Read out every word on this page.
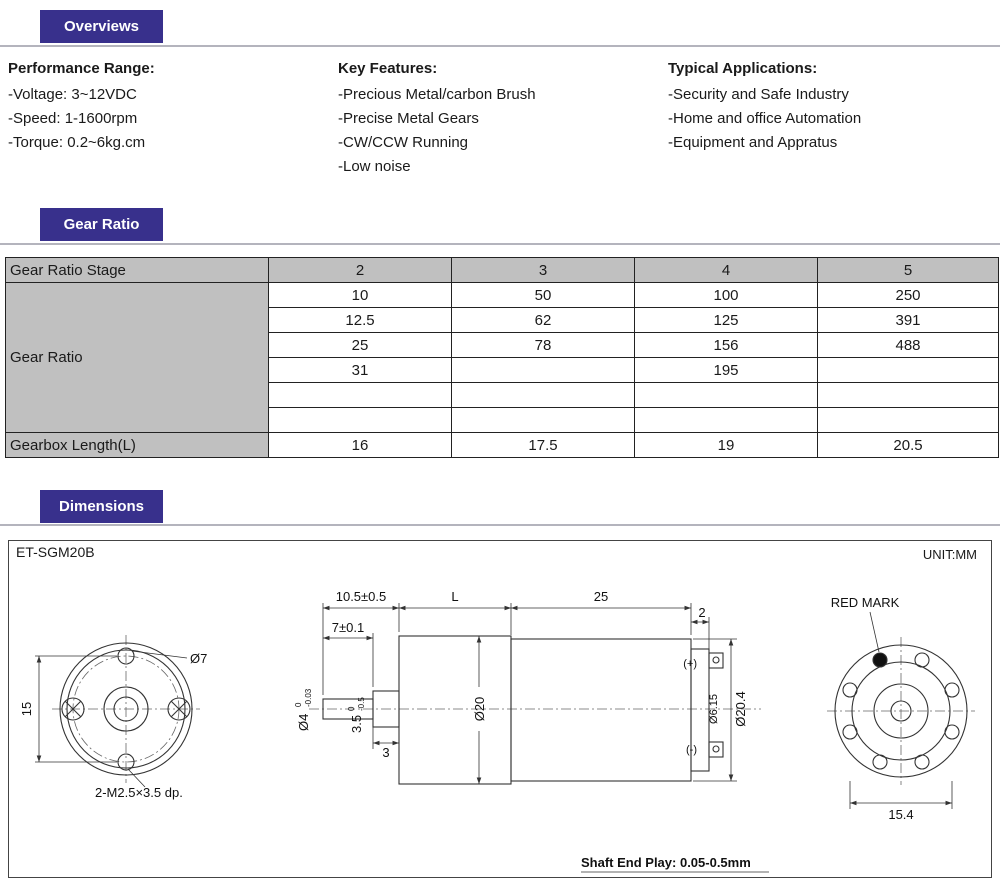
Overviews
Performance Range:
-Voltage: 3~12VDC
-Speed: 1-1600rpm
-Torque: 0.2~6kg.cm
Key Features:
-Precious Metal/carbon Brush
-Precise Metal Gears
-CW/CCW Running
-Low noise
Typical Applications:
-Security and Safe Industry
-Home and office Automation
-Equipment and Appratus
Gear Ratio
Gear Ratio Stage	2	3	4	5
Gear Ratio	10	50	100	250
	12.5	62	125	391
	25	78	156	488
	31		195	

Gearbox Length(L)	16	17.5	19	20.5
Dimensions
15
Ø7
2-M2.5×3.5 dp.
10.5±0.5	L	25
2
7±0.1
Ø4
0 -0.03
3.5
0 -0.5
3
Ø20	Ø6.15 Ø20.4
(+)
(-)
RED MARK
15.4
Shaft End Play: 0.05-0.5mm
ET-SGM20B	UNIT:MM
